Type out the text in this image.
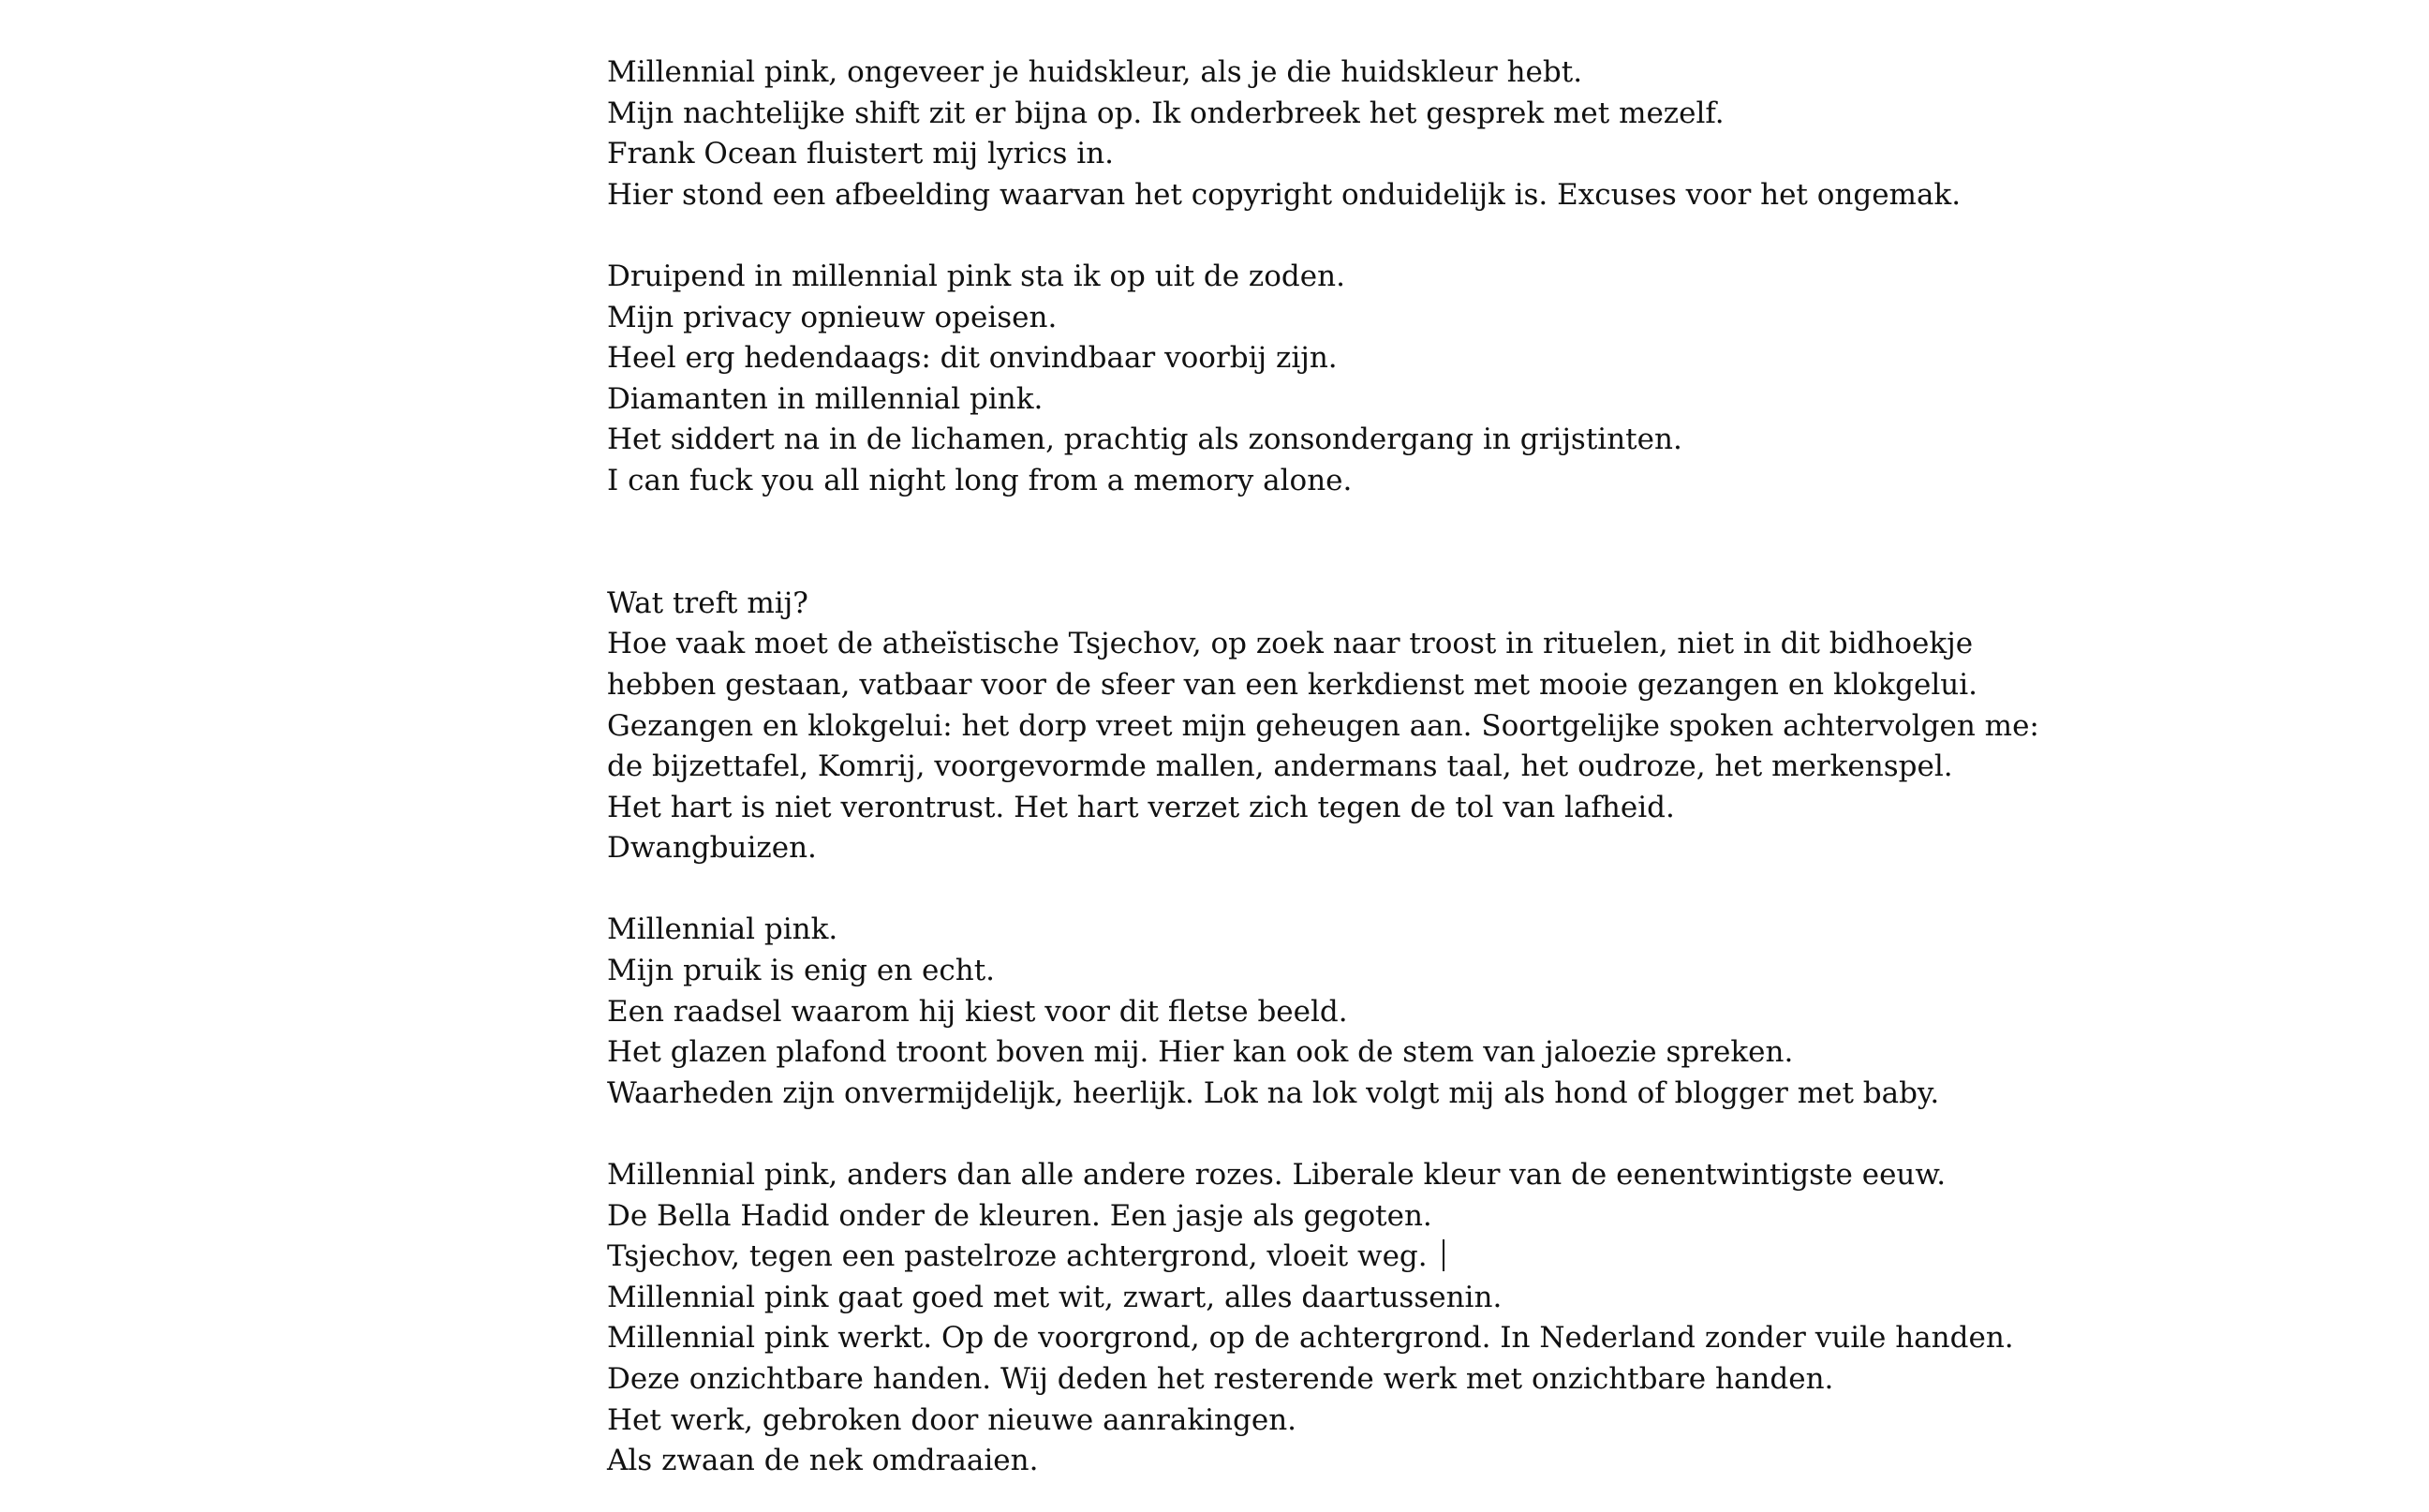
Millennial pink, ongeveer je huidskleur, als je die huidskleur hebt.
Mijn nachtelijke shift zit er bijna op. Ik onderbreek het gesprek met mezelf.
Frank Ocean fluistert mij lyrics in.
Hier stond een afbeelding waarvan het copyright onduidelijk is. Excuses voor het ongemak.
Druipend in millennial pink sta ik op uit de zoden.
Mijn privacy opnieuw opeisen.
Heel erg hedendaags: dit onvindbaar voorbij zijn.
Diamanten in millennial pink.
Het siddert na in de lichamen, prachtig als zonsondergang in grijstinten.
I can fuck you all night long from a memory alone.
Wat treft mij?
Hoe vaak moet de atheïstische Tsjechov, op zoek naar troost in rituelen, niet in dit bidhoekje
hebben gestaan, vatbaar voor de sfeer van een kerkdienst met mooie gezangen en klokgelui.
Gezangen en klokgelui: het dorp vreet mijn geheugen aan. Soortgelijke spoken achtervolgen me:
de bijzettafel, Komrij, voorgevormde mallen, andermans taal, het oudroze, het merkenspel.
Het hart is niet verontrust. Het hart verzet zich tegen de tol van lafheid.
Dwangbuizen.
Millennial pink.
Mijn pruik is enig en echt.
Een raadsel waarom hij kiest voor dit fletse beeld.
Het glazen plafond troont boven mij. Hier kan ook de stem van jaloezie spreken.
Waarheden zijn onvermijdelijk, heerlijk. Lok na lok volgt mij als hond of blogger met baby.
Millennial pink, anders dan alle andere rozes. Liberale kleur van de eenentwintigste eeuw.
De Bella Hadid onder de kleuren. Een jasje als gegoten.
Tsjechov, tegen een pastelroze achtergrond, vloeit weg.
Millennial pink gaat goed met wit, zwart, alles daartussenin.
Millennial pink werkt. Op de voorgrond, op de achtergrond. In Nederland zonder vuile handen.
Deze onzichtbare handen. Wij deden het resterende werk met onzichtbare handen.
Het werk, gebroken door nieuwe aanrakingen.
Als zwaan de nek omdraaien.
